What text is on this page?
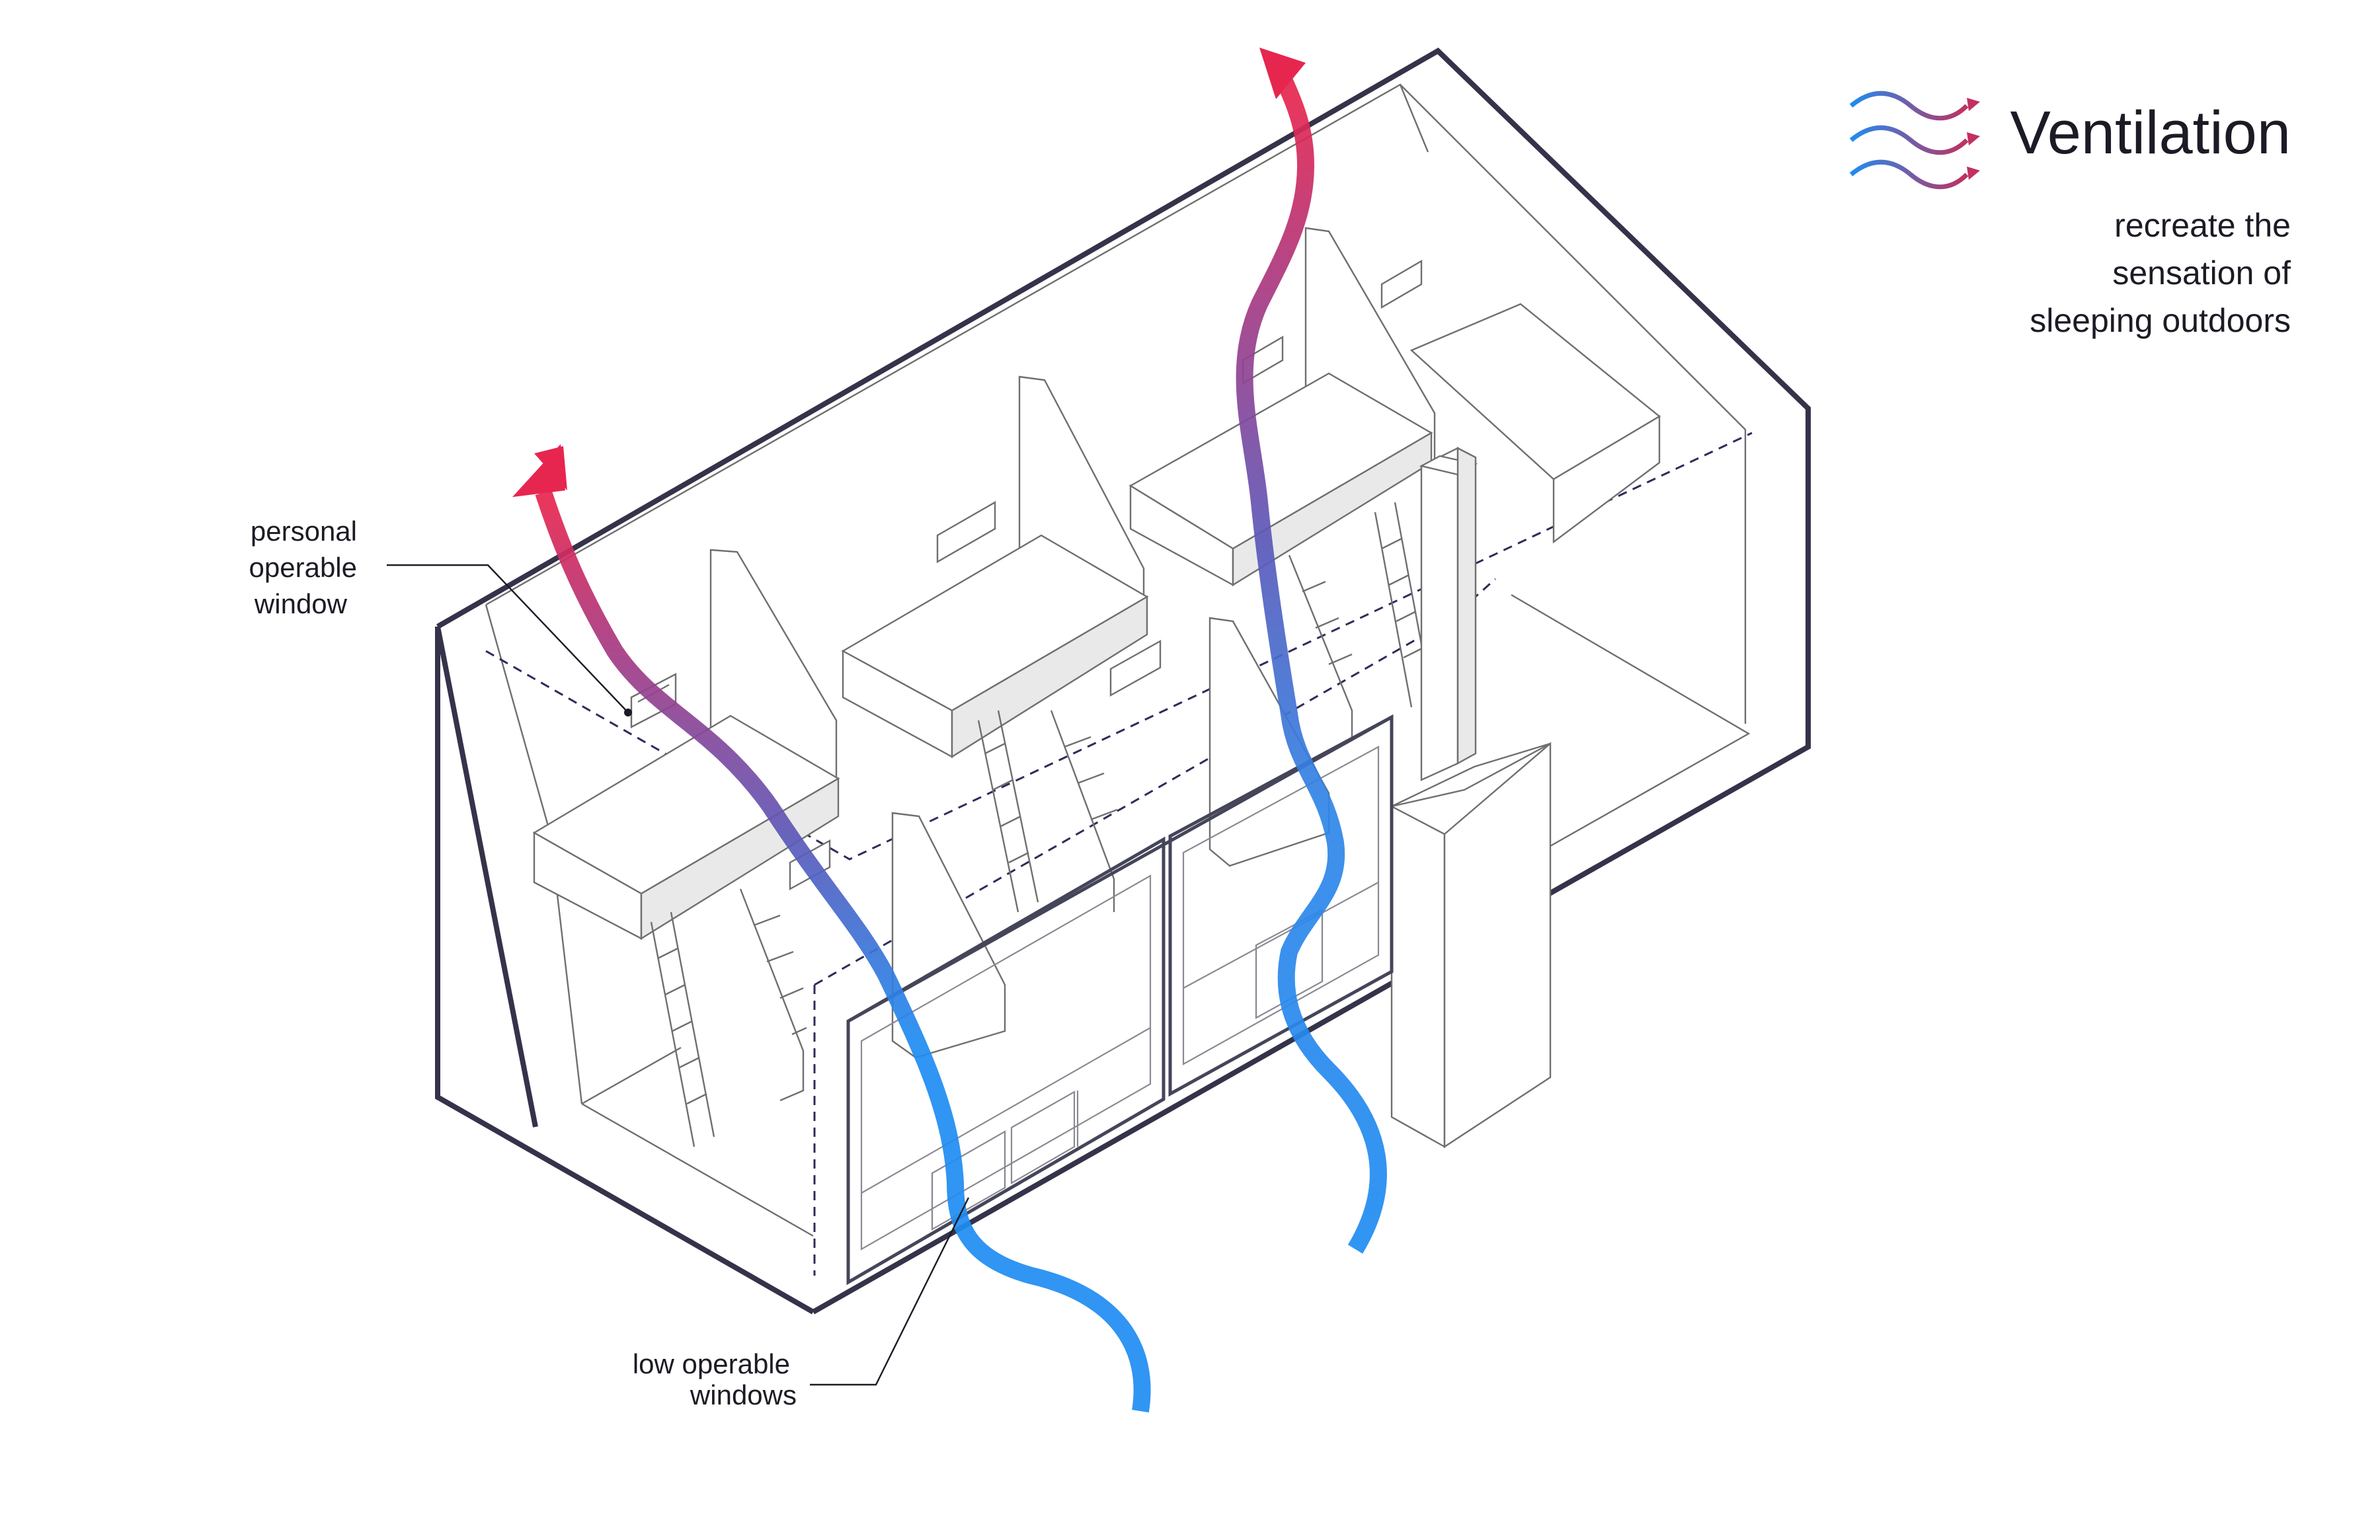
Ventilation
recreate the
sensation of
sleeping outdoors
personal
operable
window
low operable
windows
